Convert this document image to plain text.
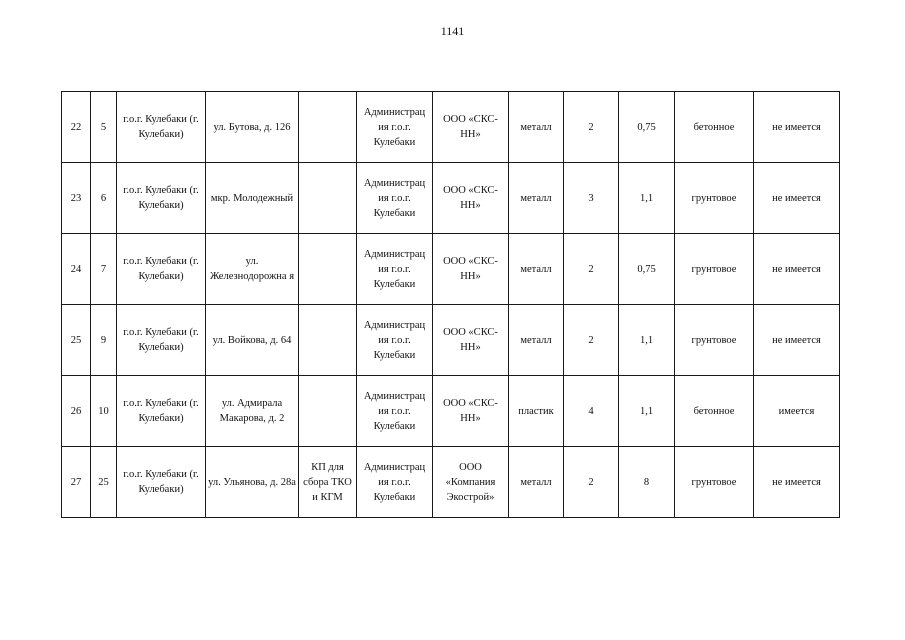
1141
22	5	г.о.г. Кулебаки (г. Кулебаки)	ул. Бутова, д. 126		Администрац ия г.о.г. Кулебаки	ООО «СКС-НН»	металл	2	0,75	бетонное	не имеется
23	6	г.о.г. Кулебаки (г. Кулебаки)	мкр. Молодежный		Администрац ия г.о.г. Кулебаки	ООО «СКС-НН»	металл	3	1,1	грунтовое	не имеется
24	7	г.о.г. Кулебаки (г. Кулебаки)	ул. Железнодорожна я		Администрац ия г.о.г. Кулебаки	ООО «СКС-НН»	металл	2	0,75	грунтовое	не имеется
25	9	г.о.г. Кулебаки (г. Кулебаки)	ул. Войкова, д. 64		Администрац ия г.о.г. Кулебаки	ООО «СКС-НН»	металл	2	1,1	грунтовое	не имеется
26	10	г.о.г. Кулебаки (г. Кулебаки)	ул. Адмирала Макарова, д. 2		Администрац ия г.о.г. Кулебаки	ООО «СКС-НН»	пластик	4	1,1	бетонное	имеется
27	25	г.о.г. Кулебаки (г. Кулебаки)	ул. Ульянова, д. 28а	КП для сбора ТКО и КГМ	Администрац ия г.о.г. Кулебаки	ООО «Компания Экострой»	металл	2	8	грунтовое	не имеется
